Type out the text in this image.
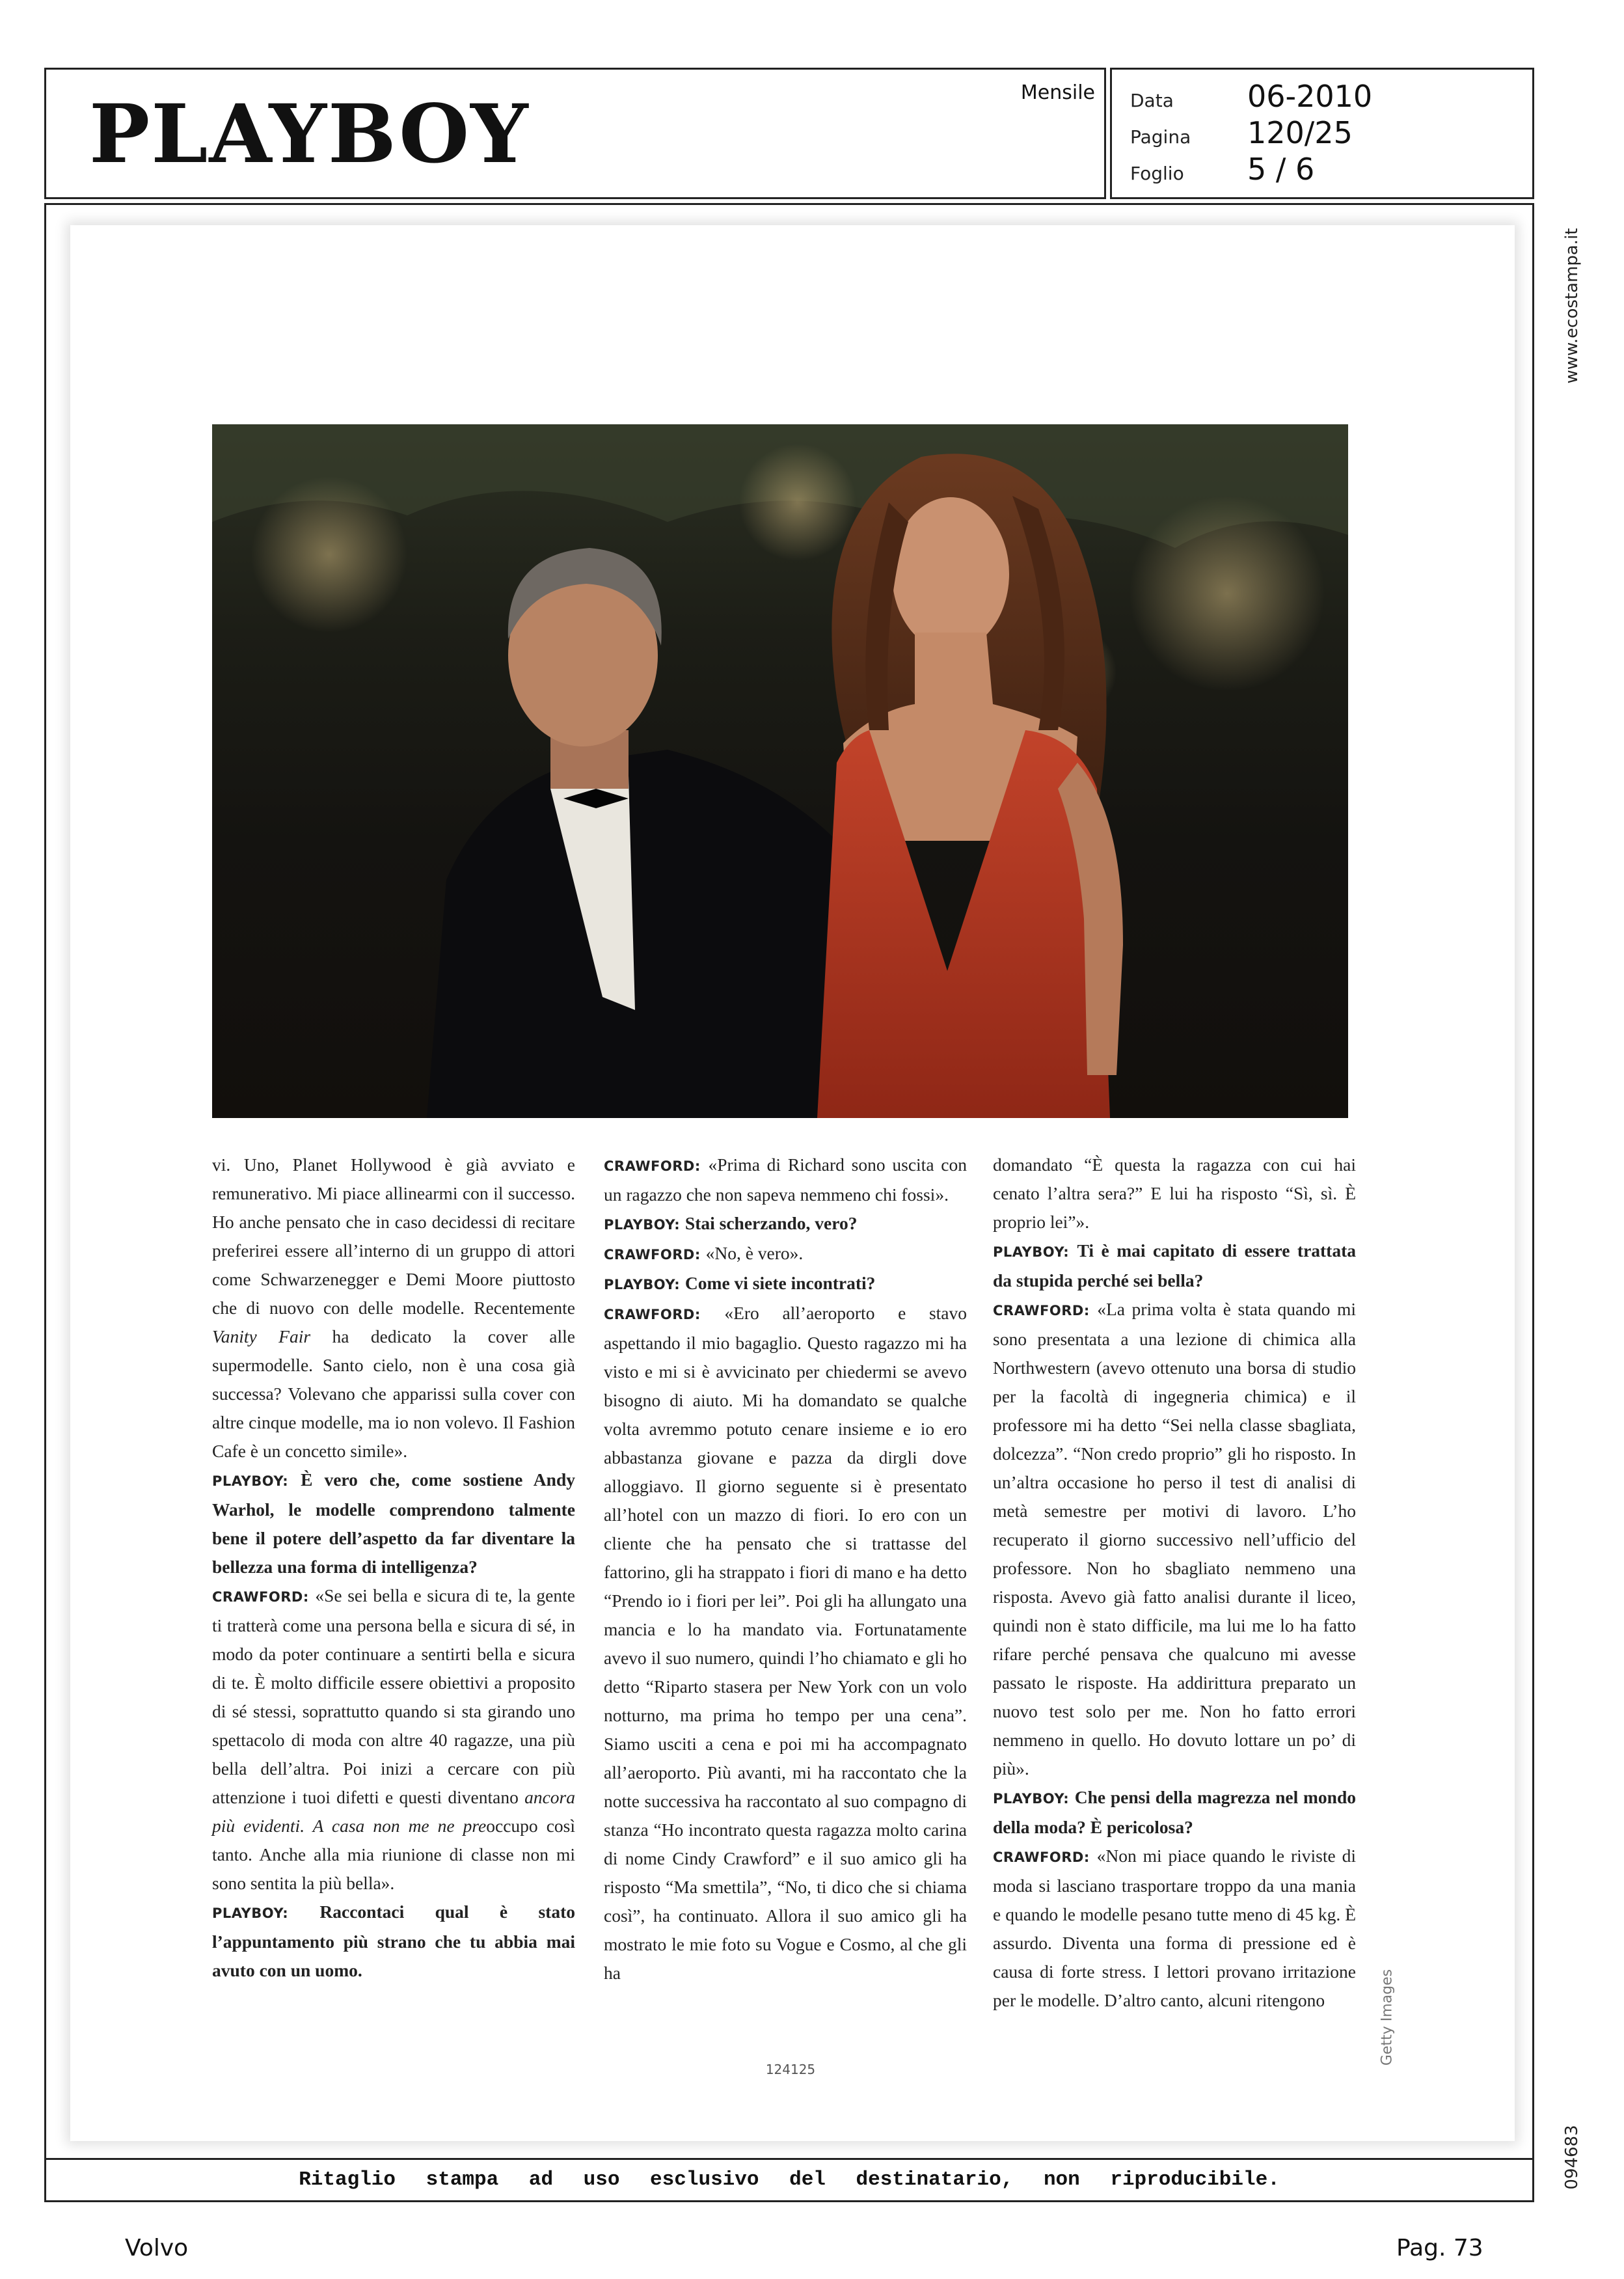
PLAYBOY	Mensile Data	06-2010
Pagina	120/25
Foglio	5 / 6
www.ecostampa.it
094683

vi. Uno, Planet Hollywood è già avviato e remunerativo. Mi piace allinearmi con il successo. Ho anche pensato che in caso decidessi di recitare preferirei essere all’interno di un gruppo di attori come Schwarzenegger e Demi Moore piuttosto che di nuovo con delle modelle. Recentemente Vanity Fair ha dedicato la cover alle supermodelle. Santo cielo, non è una cosa già successa? Volevano che apparissi sulla cover con altre cinque modelle, ma io non volevo. Il Fashion Cafe è un concetto simile».

PLAYBOY: È vero che, come sostiene Andy Warhol, le modelle comprendono talmente bene il potere dell’aspetto da far diventare la bellezza una forma di intelligenza?

CRAWFORD: «Se sei bella e sicura di te, la gente ti tratterà come una persona bella e sicura di sé, in modo da poter continuare a sentirti bella e sicura di te. È molto difficile essere obiettivi a proposito di sé stessi, soprattutto quando si sta girando uno spettacolo di moda con altre 40 ragazze, una più bella dell’altra. Poi inizi a cercare con più attenzione i tuoi difetti e questi diventano ancora più evidenti. A casa non me ne preoccupo così tanto. Anche alla mia riunione di classe non mi sono sentita la più bella».

PLAYBOY: Raccontaci qual è stato l’appuntamento più strano che tu abbia mai avuto con un uomo.

CRAWFORD: «Prima di Richard sono uscita con un ragazzo che non sapeva nemmeno chi fossi».

PLAYBOY: Stai scherzando, vero?

CRAWFORD: «No, è vero».

PLAYBOY: Come vi siete incontrati?

CRAWFORD: «Ero all’aeroporto e stavo aspettando il mio bagaglio. Questo ragazzo mi ha visto e mi si è avvicinato per chiedermi se avevo bisogno di aiuto. Mi ha domandato se qualche volta avremmo potuto cenare insieme e io ero abbastanza giovane e pazza da dirgli dove alloggiavo. Il giorno seguente si è presentato all’hotel con un mazzo di fiori. Io ero con un cliente che ha pensato che si trattasse del fattorino, gli ha strappato i fiori di mano e ha detto “Prendo io i fiori per lei”. Poi gli ha allungato una mancia e lo ha mandato via. Fortunatamente avevo il suo numero, quindi l’ho chiamato e gli ho detto “Riparto stasera per New York con un volo notturno, ma prima ho tempo per una cena”. Siamo usciti a cena e poi mi ha accompagnato all’aeroporto. Più avanti, mi ha raccontato che la notte successiva ha raccontato al suo compagno di stanza “Ho incontrato questa ragazza molto carina di nome Cindy Crawford” e il suo amico gli ha risposto “Ma smettila”, “No, ti dico che si chiama così”, ha continuato. Allora il suo amico gli ha mostrato le mie foto su Vogue e Cosmo, al che gli ha

domandato “È questa la ragazza con cui hai cenato l’altra sera?” E lui ha risposto “Sì, sì. È proprio lei”».

PLAYBOY: Ti è mai capitato di essere trattata da stupida perché sei bella?

CRAWFORD: «La prima volta è stata quando mi sono presentata a una lezione di chimica alla Northwestern (avevo ottenuto una borsa di studio per la facoltà di ingegneria chimica) e il professore mi ha detto “Sei nella classe sbagliata, dolcezza”. “Non credo proprio” gli ho risposto. In un’altra occasione ho perso il test di analisi di metà semestre per motivi di lavoro. L’ho recuperato il giorno successivo nell’ufficio del professore. Non ho sbagliato nemmeno una risposta. Avevo già fatto analisi durante il liceo, quindi non è stato difficile, ma lui me lo ha fatto rifare perché pensava che qualcuno mi avesse passato le risposte. Ha addirittura preparato un nuovo test solo per me. Non ho fatto errori nemmeno in quello. Ho dovuto lottare un po’ di più».

PLAYBOY: Che pensi della magrezza nel mondo della moda? È pericolosa?

CRAWFORD: «Non mi piace quando le riviste di moda si lasciano trasportare troppo da una mania e quando le modelle pesano tutte meno di 45 kg. È assurdo. Diventa una forma di pressione ed è causa di forte stress. I lettori provano irritazione per le modelle. D’altro canto, alcuni ritengono	Getty Images
124125
Ritaglio stampa ad uso esclusivo del destinatario, non riproducibile.
Volvo	Pag. 73
